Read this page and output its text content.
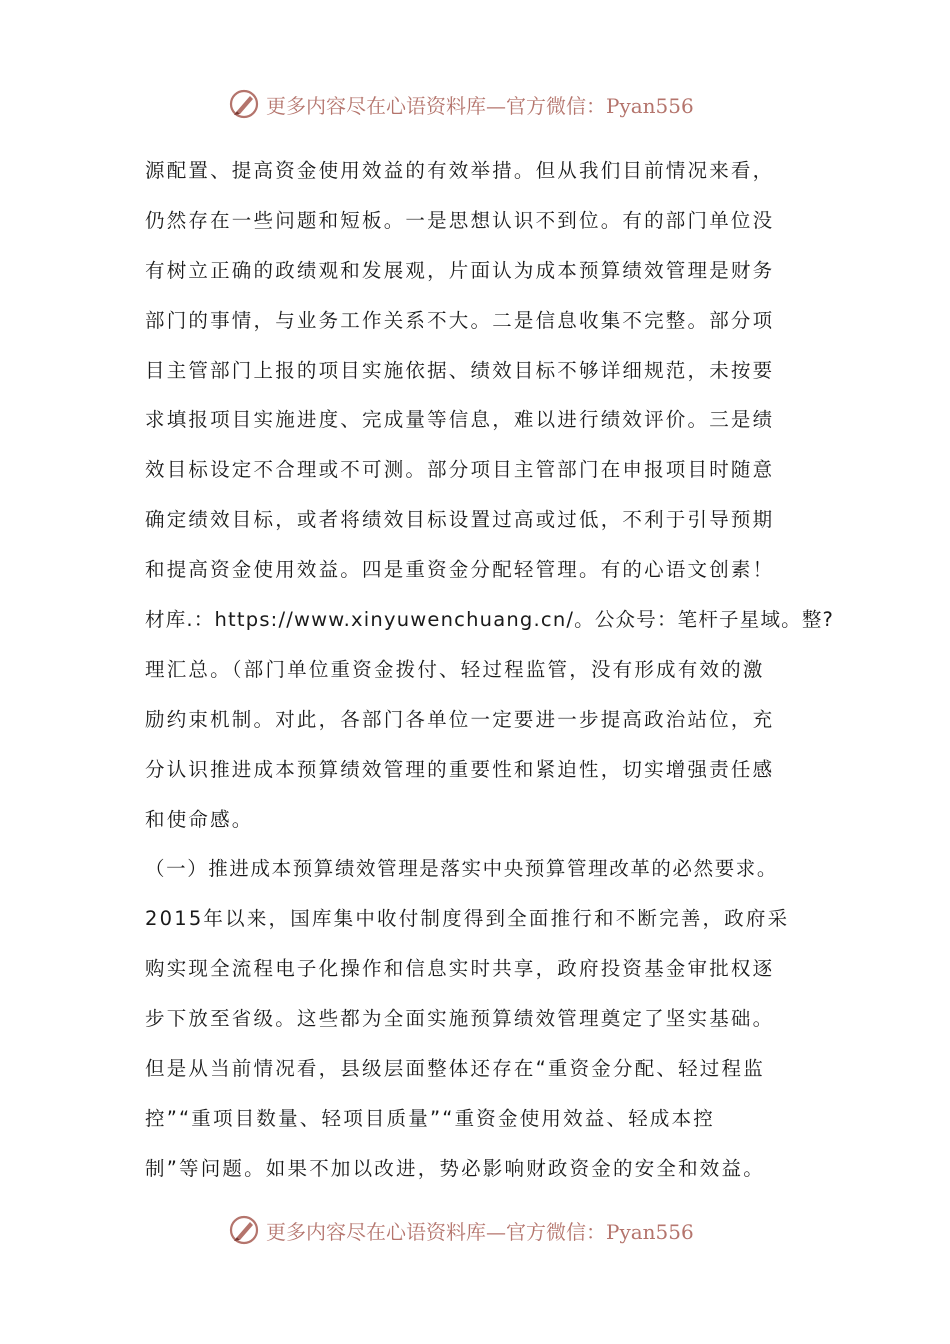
更多内容尽在心语资料库—官方微信：Pyan556
源配置、提高资金使用效益的有效举措。但从我们目前情况来看，
仍然存在一些问题和短板。一是思想认识不到位。有的部门单位没
有树立正确的政绩观和发展观，片面认为成本预算绩效管理是财务
部门的事情，与业务工作关系不大。二是信息收集不完整。部分项
目主管部门上报的项目实施依据、绩效目标不够详细规范，未按要
求填报项目实施进度、完成量等信息，难以进行绩效评价。三是绩
效目标设定不合理或不可测。部分项目主管部门在申报项目时随意
确定绩效目标，或者将绩效目标设置过高或过低，不利于引导预期
和提高资金使用效益。四是重资金分配轻管理。有的心语文创素！
材库.：https://www.xinyuwenchuang.cn/。公众号：笔杆子星域。整?
理汇总。（部门单位重资金拨付、轻过程监管，没有形成有效的激
励约束机制。对此，各部门各单位一定要进一步提高政治站位，充
分认识推进成本预算绩效管理的重要性和紧迫性，切实增强责任感
和使命感。
（一）推进成本预算绩效管理是落实中央预算管理改革的必然要求。
2015年以来，国库集中收付制度得到全面推行和不断完善，政府采
购实现全流程电子化操作和信息实时共享，政府投资基金审批权逐
步下放至省级。这些都为全面实施预算绩效管理奠定了坚实基础。
但是从当前情况看，县级层面整体还存在“重资金分配、轻过程监
控”“重项目数量、轻项目质量”“重资金使用效益、轻成本控
制”等问题。如果不加以改进，势必影响财政资金的安全和效益。
更多内容尽在心语资料库—官方微信：Pyan556
